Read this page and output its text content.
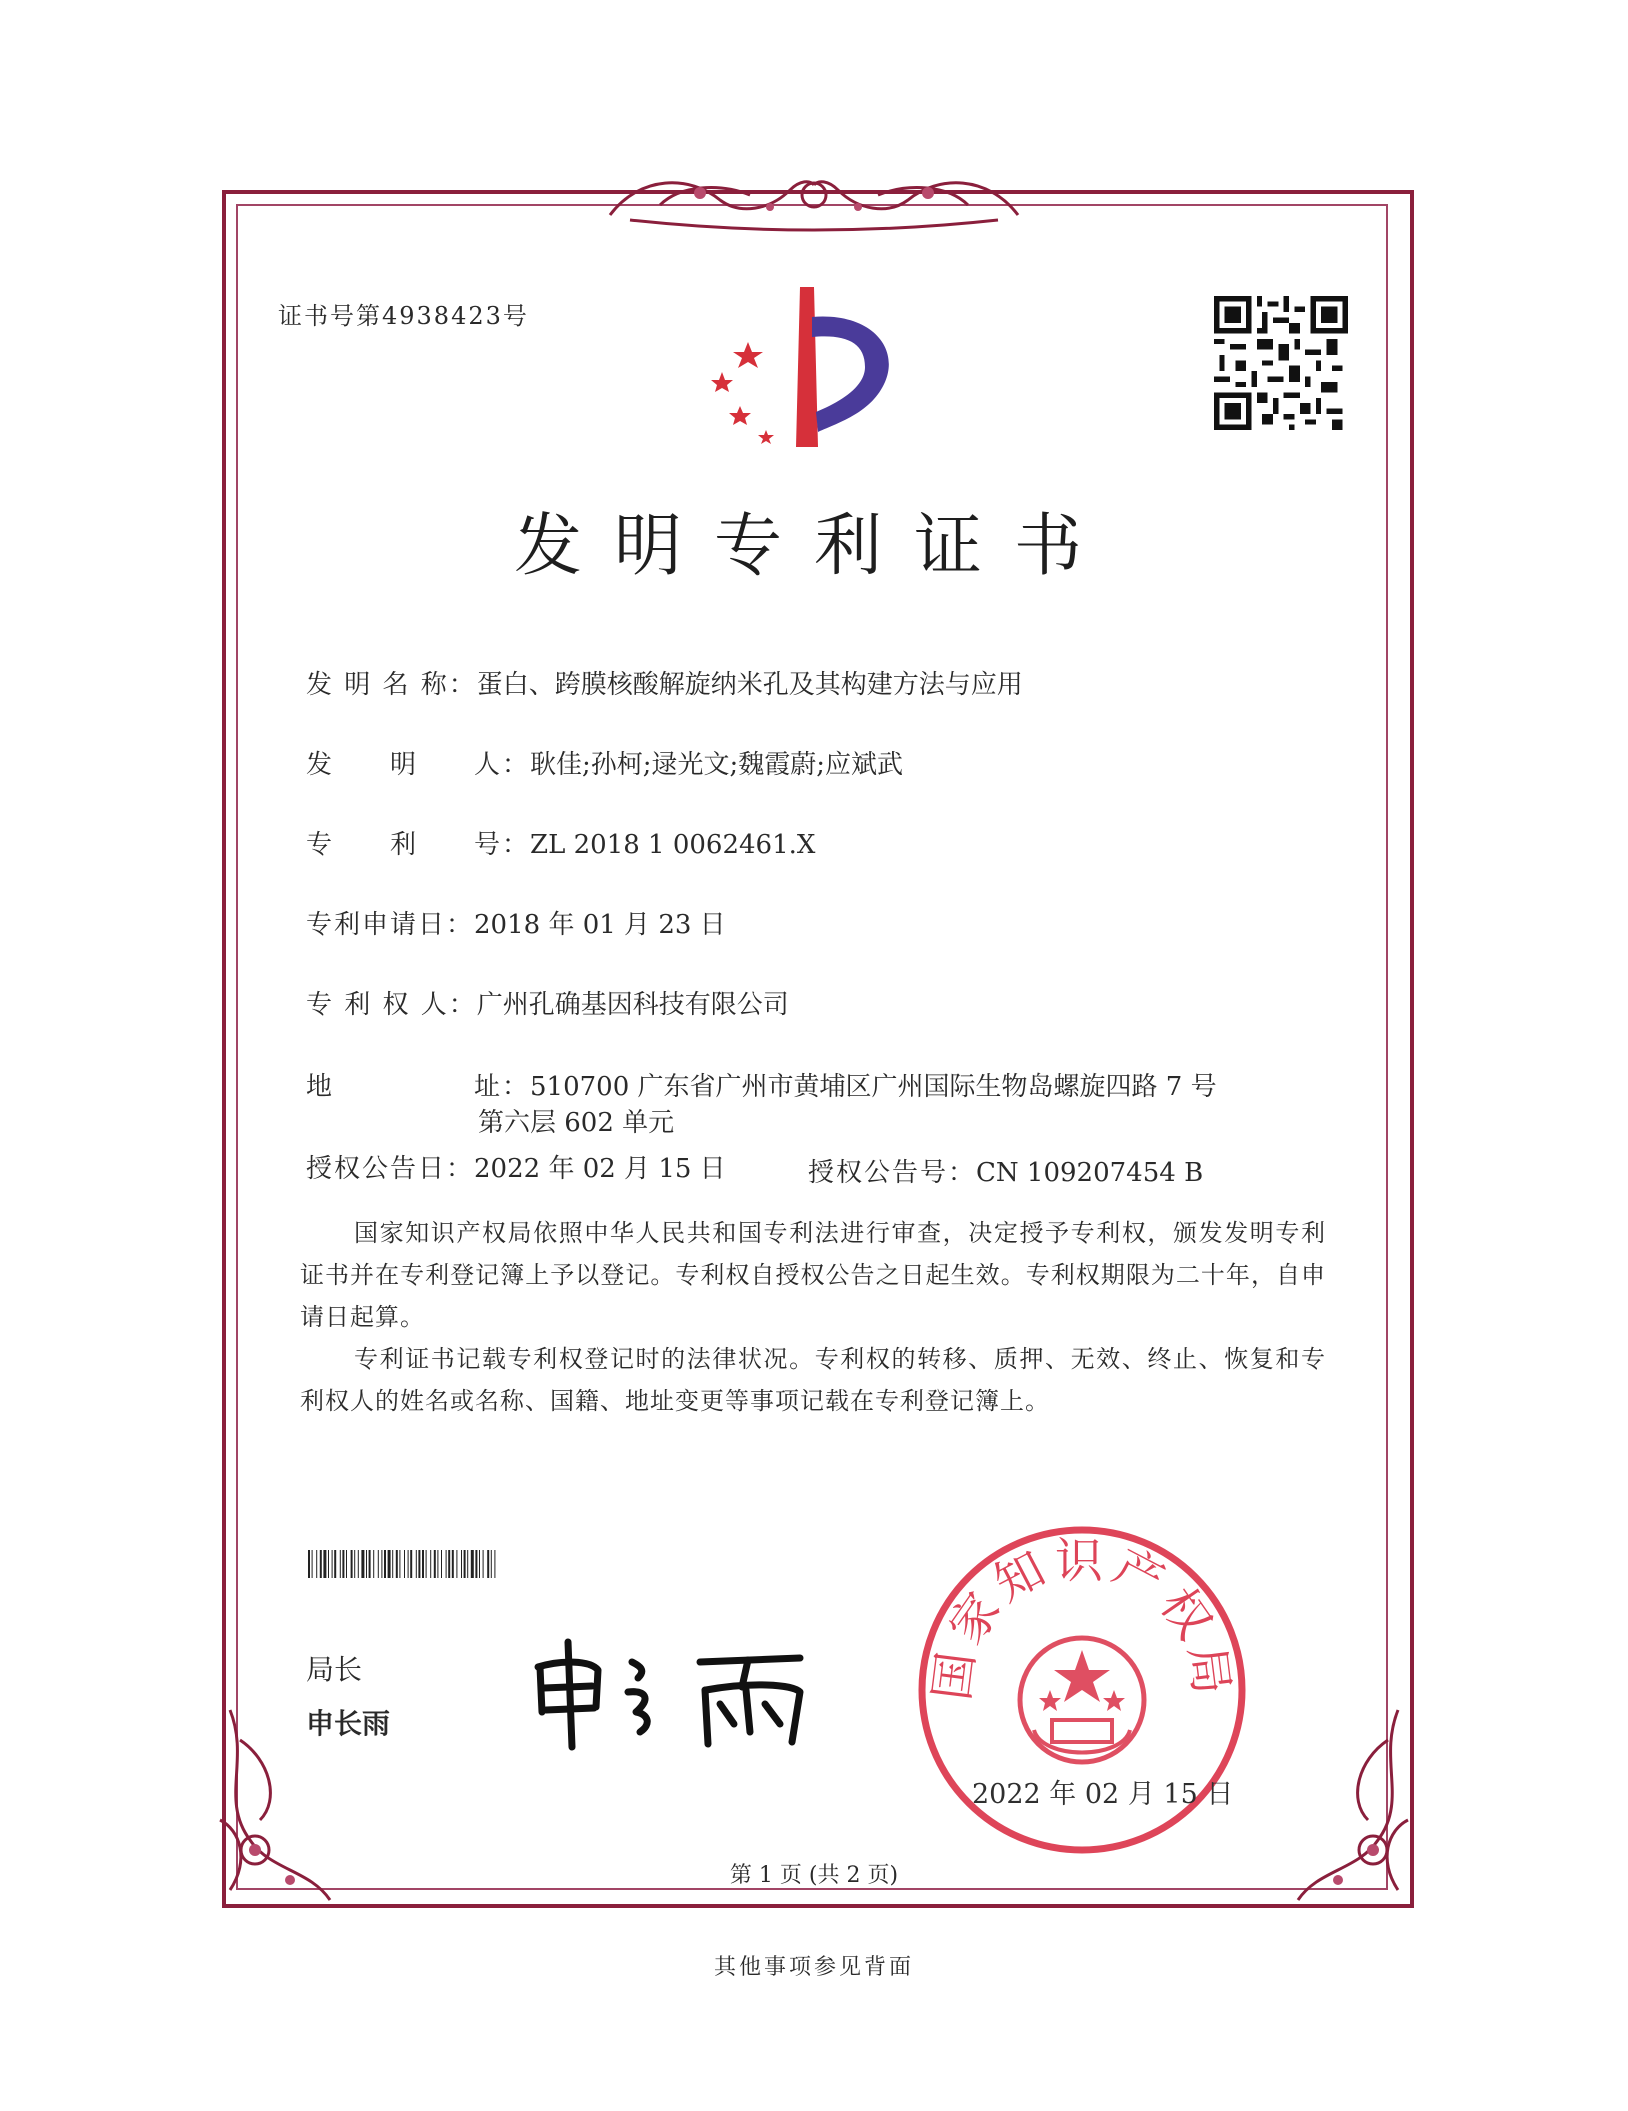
证书号第4938423号
发明专利证书
发 明 名 称：蛋白、跨膜核酸解旋纳米孔及其构建方法与应用
发　　明　　人：耿佳;孙柯;逯光文;魏霞蔚;应斌武
专　　利　　号：ZL 2018 1 0062461.X
专利申请日：2018 年 01 月 23 日
专 利 权 人：广州孔确基因科技有限公司
地　　　　　址：510700 广东省广州市黄埔区广州国际生物岛螺旋四路 7 号
第六层 602 单元
授权公告日：2022 年 02 月 15 日	授权公告号：CN 109207454 B
国家知识产权局依照中华人民共和国专利法进行审查，决定授予专利权，颁发发明专利证书并在专利登记簿上予以登记。专利权自授权公告之日起生效。专利权期限为二十年，自申请日起算。
专利证书记载专利权登记时的法律状况。专利权的转移、质押、无效、终止、恢复和专利权人的姓名或名称、国籍、地址变更等事项记载在专利登记簿上。
局长
申长雨
国家知识产权局
2022 年 02 月 15 日
第 1 页 (共 2 页)
其他事项参见背面
